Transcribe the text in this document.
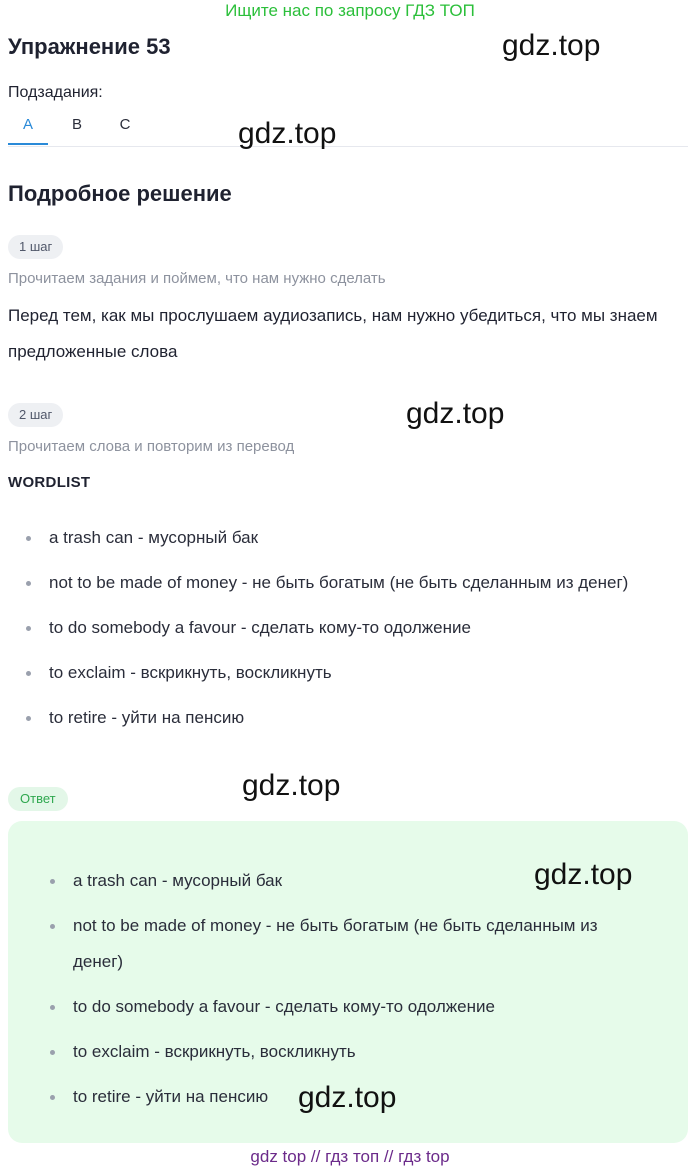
Ищите нас по запросу ГДЗ ТОП
Упражнение 53	gdz.top
Подзадания:
A	B	C	gdz.top
Подробное решение
1 шаг
Прочитаем задания и поймем, что нам нужно сделать
Перед тем, как мы прослушаем аудиозапись, нам нужно убедиться, что мы знаем предложенные слова
2 шаг	gdz.top
Прочитаем слова и повторим из перевод
WORDLIST
a trash can - мусорный бак
not to be made of money - не быть богатым (не быть сделанным из денег)
to do somebody a favour - сделать кому-то одолжение
to exclaim - вскрикнуть, воскликнуть
to retire - уйти на пенсию
gdz.top
Ответ
a trash can - мусорный бак
not to be made of money - не быть богатым (не быть сделанным из денег)
to do somebody a favour - сделать кому-то одолжение
to exclaim - вскрикнуть, воскликнуть
to retire - уйти на пенсию
gdz.top
gdz.top
gdz top // гдз топ // гдз top
